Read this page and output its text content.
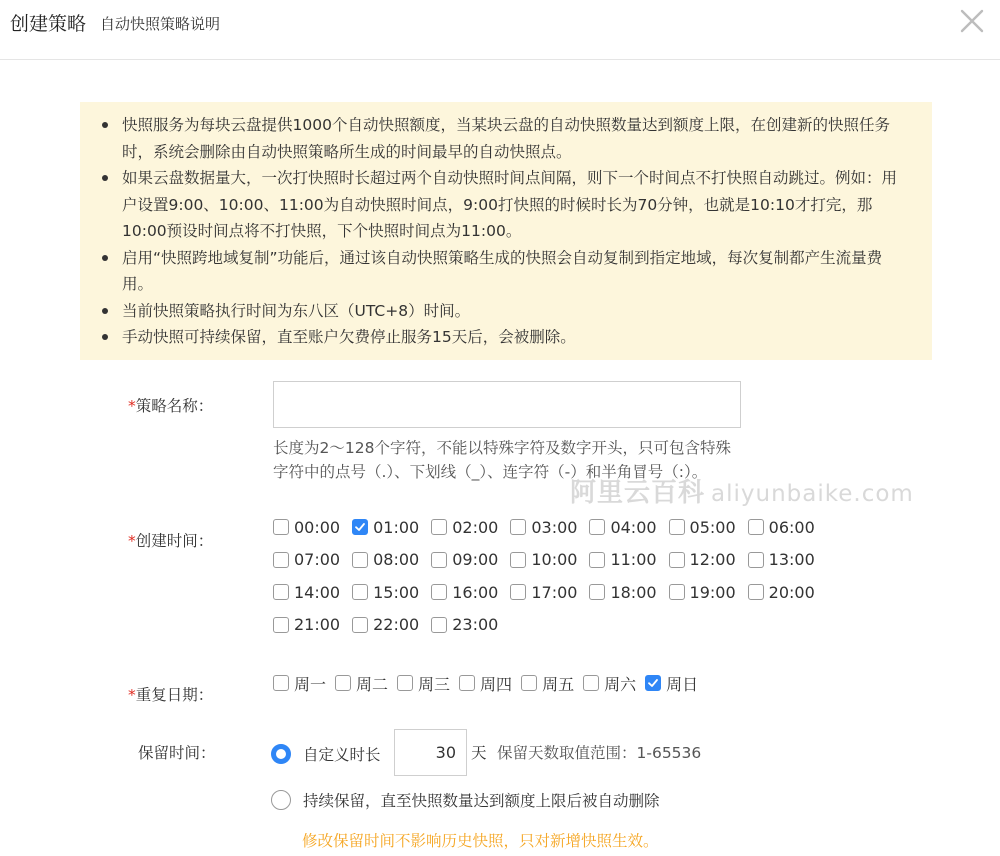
创建策略 自动快照策略说明
快照服务为每块云盘提供1000个自动快照额度，当某块云盘的自动快照数量达到额度上限，在创建新的快照任务时，系统会删除由自动快照策略所生成的时间最早的自动快照点。
如果云盘数据量大，一次打快照时长超过两个自动快照时间点间隔，则下一个时间点不打快照自动跳过。例如：用户设置9:00、10:00、11:00为自动快照时间点，9:00打快照的时候时长为70分钟，也就是10:10才打完，那10:00预设时间点将不打快照，下个快照时间点为11:00。
启用“快照跨地域复制”功能后，通过该自动快照策略生成的快照会自动复制到指定地域，每次复制都产生流量费用。
当前快照策略执行时间为东八区（UTC+8）时间。
手动快照可持续保留，直至账户欠费停止服务15天后，会被删除。
阿里云百科 aliyunbaike.com
*策略名称：
长度为2～128个字符，不能以特殊字符及数字开头，只可包含特殊字符中的点号（.）、下划线（_）、连字符（-）和半角冒号（:）。
*创建时间：
00:00 01:00 02:00 03:00 04:00 05:00 06:00
07:00 08:00 09:00 10:00 11:00 12:00 13:00
14:00 15:00 16:00 17:00 18:00 19:00 20:00
21:00 22:00 23:00
*重复日期：
周一 周二 周三 周四 周五 周六 周日
保留时间：	自定义时长
30	天 保留天数取值范围：1-65536
持续保留，直至快照数量达到额度上限后被自动删除
修改保留时间不影响历史快照，只对新增快照生效。
